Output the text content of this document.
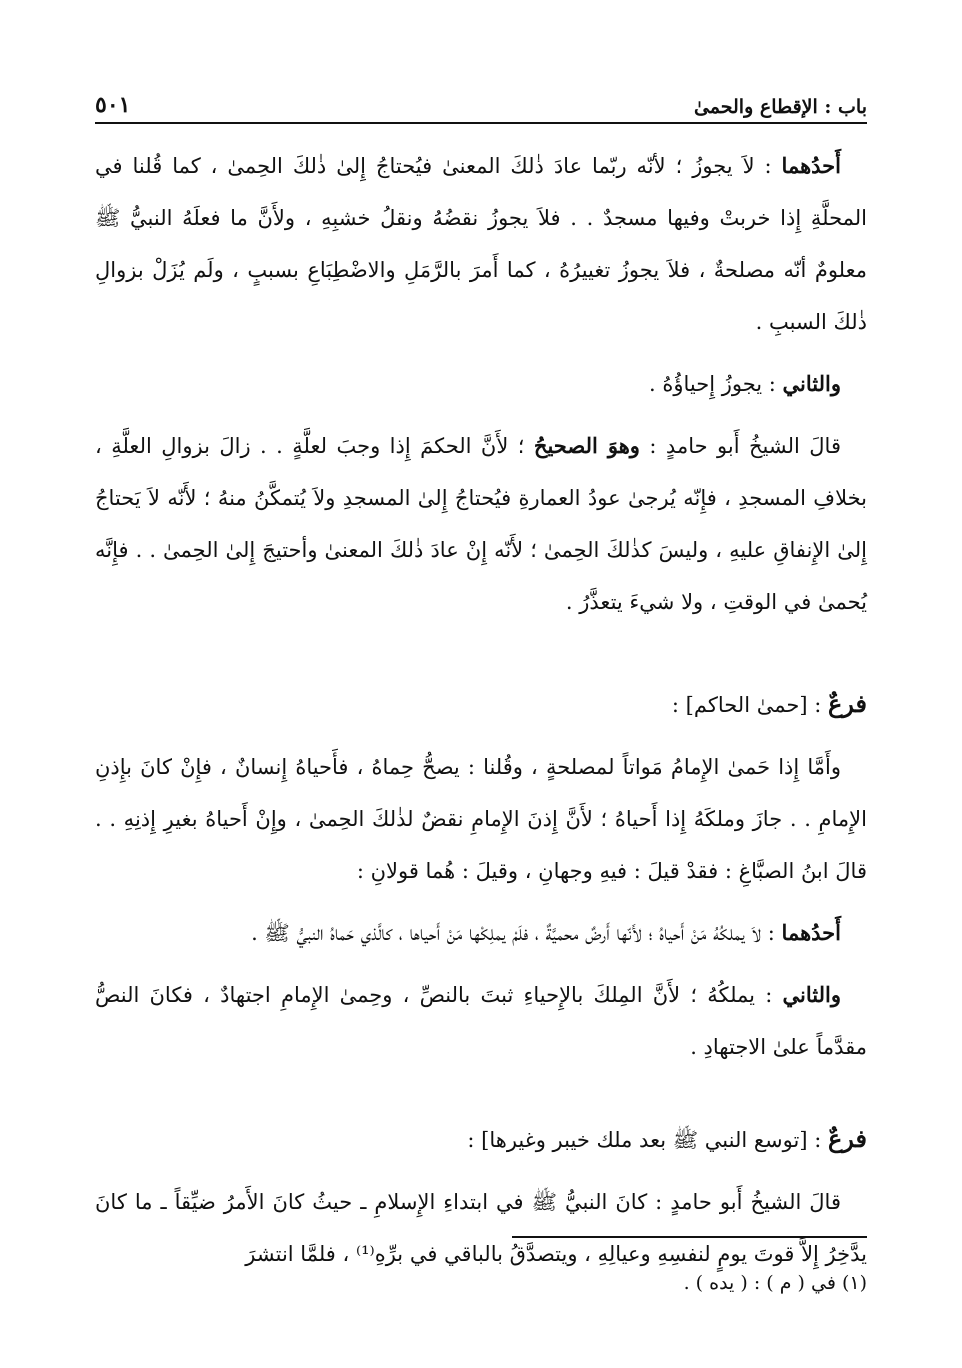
باب : الإقطاع والحمىٰ
٥٠١

أَحدُهما : لاَ يجوزُ ؛ لأنّه ربّما عادَ ذٰلكَ المعنىٰ فيُحتاجُ إِلىٰ ذٰلكَ الحِمىٰ ، كما قُلنا في المحلَّةِ إِذا خربتْ وفيها مسجدٌ . . فلاَ يجوزُ نقضُهُ ونقلُ خشبِهِ ، ولأَنَّ ما فعلَهُ النبيُّ ﷺ معلومٌ أنّه مصلحةٌ ، فلاَ يجوزُ تغييرُهُ ، كما أَمرَ بالرَّمَلِ والاضْطِبَاعِ بسببٍ ، ولَم يُزَلْ بزوالِ ذٰلكَ السببِ .

والثاني : يجوزُ إِحياؤُهُ .

قالَ الشيخُ أَبو حامدٍ : وهوَ الصحيحُ ؛ لأَنَّ الحكمَ إِذا وجبَ لعلَّةٍ . . زالَ بزوالِ العلَّةِ ، بخلافِ المسجدِ ، فإِنّه يُرجىٰ عودُ العمارةِ فيُحتاجُ إِلىٰ المسجدِ ولاَ يُتمكَّنُ منهُ ؛ لأَنّه لاَ يَحتاجُ إِلىٰ الإِنفاقِ عليهِ ، وليسَ كذٰلكَ الحِمىٰ ؛ لأَنّه إِنْ عادَ ذٰلكَ المعنىٰ وأحتيجَ إِلىٰ الحِمىٰ . . فإِنَّه يُحمىٰ في الوقتِ ، ولا شيءَ يتعذَّرُ .

فرعٌ : [حمىٰ الحاكم] :

وأَمَّا إِذا حَمىٰ الإِمامُ مَواتاً لمصلحةٍ ، وقُلنا : يصحُّ حِماهُ ، فأَحياهُ إِنسانٌ ، فإِنْ كانَ بإِذنِ الإِمامِ . . جازَ وملكَهُ إِذا أَحياهُ ؛ لأَنَّ إِذنَ الإِمامِ نقضٌ لذٰلكَ الحِمىٰ ، وإِنْ أَحياهُ بغيرِ إِذنِهِ . . قالَ ابنُ الصبَّاغِ : فقدْ قيلَ : فيهِ وجهانِ ، وقيلَ : هُما قولانِ :

أَحدُهما : لاَ يملكُهُ مَنْ أَحياهُ ؛ لأَنّها أَرضٌ محميَّةٌ ، فلَمْ يملِكْها مَنْ أَحياها ، كالَّذي حَماهُ النبيُّ ﷺ .

والثاني : يملكُهُ ؛ لأَنَّ المِلكَ بالإِحياءِ ثبتَ بالنصِّ ، وحِمىٰ الإِمامِ اجتهادٌ ، فكانَ النصُّ مقدَّماً علىٰ الاجتهادِ .

فرعٌ : [توسع النبي ﷺ بعد ملك خيبر وغيرها] :

قالَ الشيخُ أَبو حامدٍ : كانَ النبيُّ ﷺ في ابتداءِ الإِسلامِ ـ حيثُ كانَ الأَمرُ ضيِّقاً ـ ما كانَ يدَّخِرُ إِلاَّ قوتَ يومٍ لنفسِهِ وعيالِهِ ، ويتصدَّقُ بالباقي في برِّهِ⁽¹⁾ ، فلمَّا انتشرَ

(١) في ( م ) : ( يده ) .
